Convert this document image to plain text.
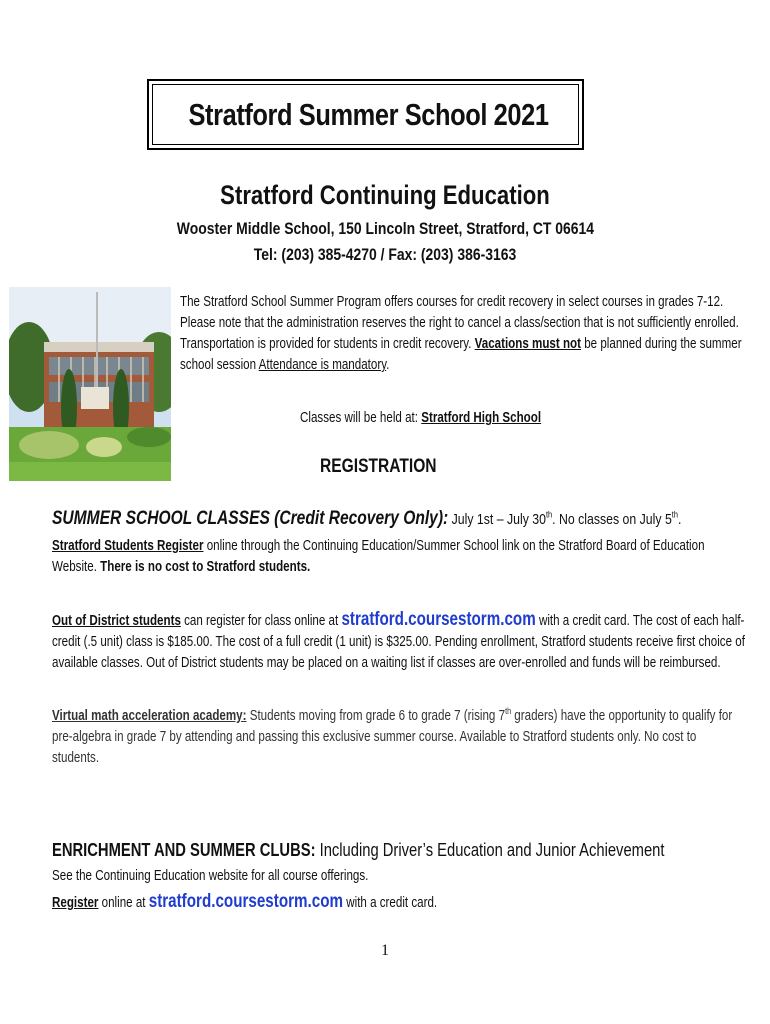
Stratford Summer School 2021
Stratford Continuing Education
Wooster Middle School, 150 Lincoln Street, Stratford, CT 06614
Tel: (203) 385-4270 / Fax: (203) 386-3163
The Stratford School Summer Program offers courses for credit recovery in select courses in grades 7-12.
Please note that the administration reserves the right to cancel a class/section that is not sufficiently enrolled.
Transportation is provided for students in credit recovery. Vacations must not be planned during the summer
school session Attendance is mandatory.
Classes will be held at: Stratford High School
REGISTRATION
SUMMER SCHOOL CLASSES (Credit Recovery Only): July 1st – July 30th. No classes on July 5th.
Stratford Students Register online through the Continuing Education/Summer School link on the Stratford Board of Education
Website. There is no cost to Stratford students.
Out of District students can register for class online at stratford.coursestorm.com with a credit card. The cost of each half-
credit (.5 unit) class is $185.00. The cost of a full credit (1 unit) is $325.00. Pending enrollment, Stratford students receive first choice of
available classes. Out of District students may be placed on a waiting list if classes are over-enrolled and funds will be reimbursed.
Virtual math acceleration academy: Students moving from grade 6 to grade 7 (rising 7th graders) have the opportunity to qualify for
pre-algebra in grade 7 by attending and passing this exclusive summer course. Available to Stratford students only. No cost to
students.
ENRICHMENT AND SUMMER CLUBS: Including Driver’s Education and Junior Achievement
See the Continuing Education website for all course offerings.
Register online at stratford.coursestorm.com with a credit card.
1
